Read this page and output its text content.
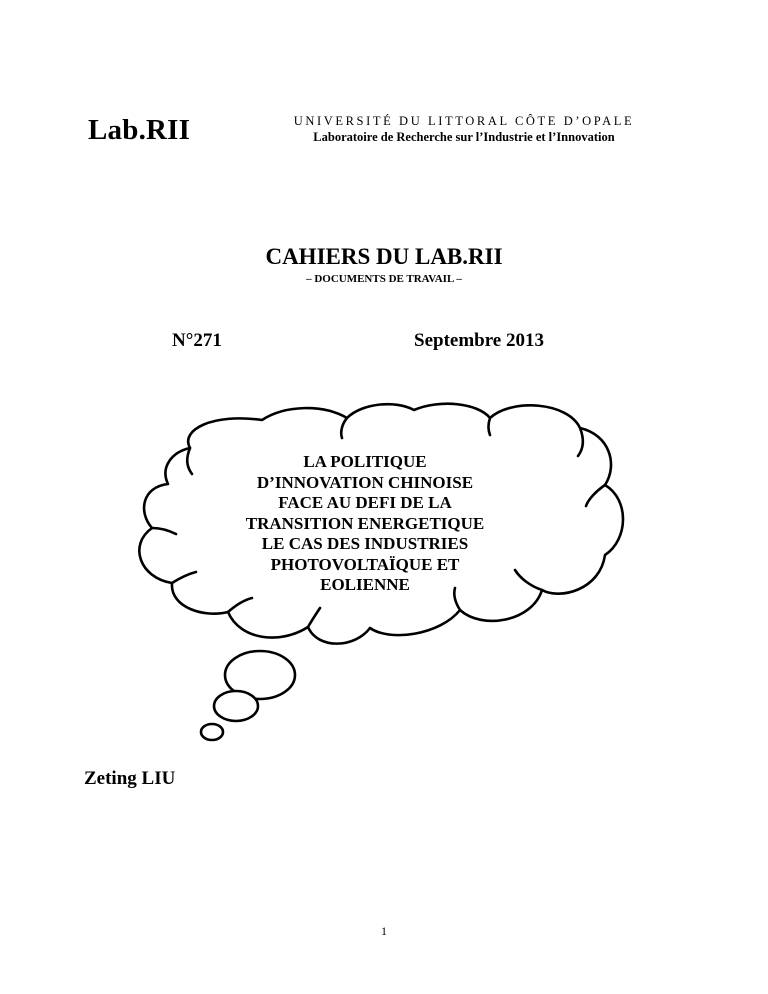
Lab.RII	UNIVERSITÉ DU LITTORAL CÔTE D’OPALE
Laboratoire de Recherche sur l’Industrie et l’Innovation
CAHIERS DU LAB.RII
– DOCUMENTS DE TRAVAIL –
N°271	Septembre 2013
LA POLITIQUE
D’INNOVATION CHINOISE
FACE AU DEFI DE LA
TRANSITION ENERGETIQUE
LE CAS DES INDUSTRIES
PHOTOVOLTAÏQUE ET
EOLIENNE
Zeting LIU
1
